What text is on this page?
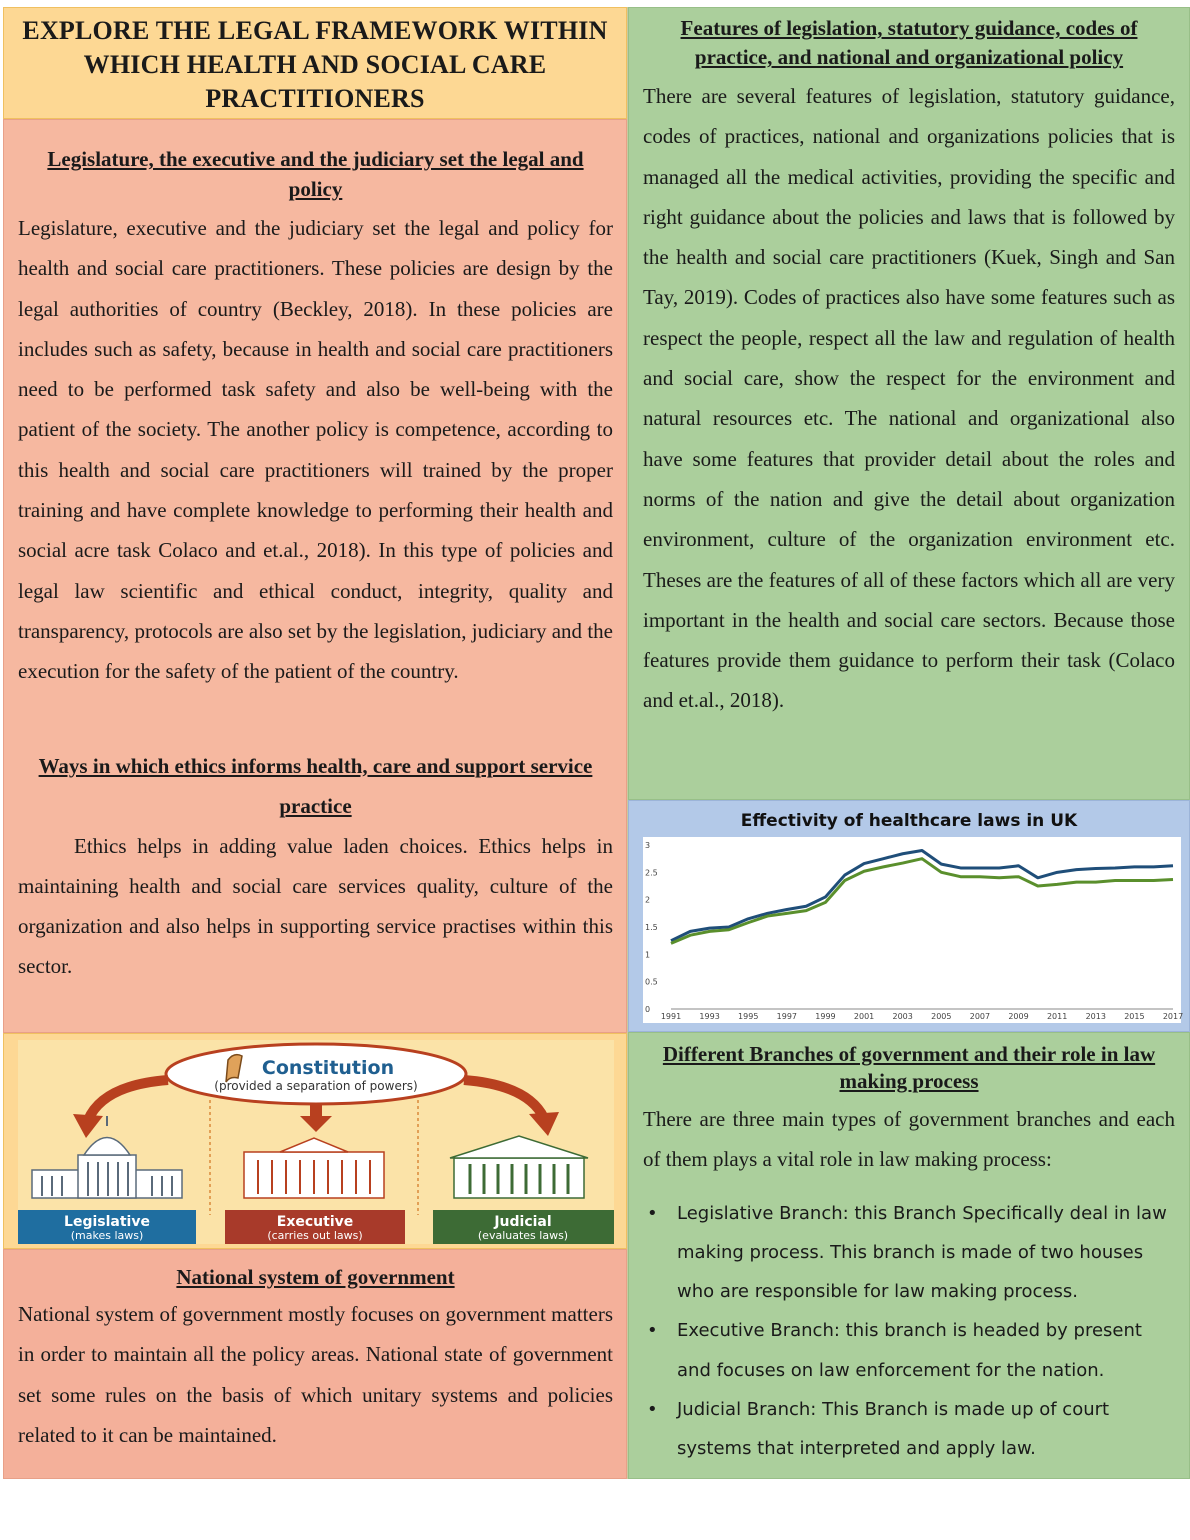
EXPLORE THE LEGAL FRAMEWORK WITHIN WHICH HEALTH AND SOCIAL CARE PRACTITIONERS
Legislature, the executive and the judiciary set the legal and policy

Legislature, executive and the judiciary set the legal and policy for health and social care practitioners. These policies are design by the legal authorities of country (Beckley, 2018). In these policies are includes such as safety, because in health and social care practitioners need to be performed task safety and also be well-being with the patient of the society. The another policy is competence, according to this health and social care practitioners will trained by the proper training and have complete knowledge to performing their health and social acre task Colaco and et.al., 2018). In this type of policies and legal law scientific and ethical conduct, integrity, quality and transparency, protocols are also set by the legislation, judiciary and the execution for the safety of the patient of the country.

Ways in which ethics informs health, care and support service practice

Ethics helps in adding value laden choices. Ethics helps in maintaining health and social care services quality, culture of the organization and also helps in supporting service practises within this sector.

Constitution
(provided a separation of powers)
Legislative
(makes laws)
Executive
(carries out laws)
Judicial
(evaluates laws)
National system of government

National system of government mostly focuses on government matters in order to maintain all the policy areas. National state of government set some rules on the basis of which unitary systems and policies related to it can be maintained.

Features of legislation, statutory guidance, codes of practice, and national and organizational policy

There are several features of legislation, statutory guidance, codes of practices, national and organizations policies that is managed all the medical activities, providing the specific and right guidance about the policies and laws that is followed by the health and social care practitioners (Kuek, Singh and San Tay, 2019). Codes of practices also have some features such as respect the people, respect all the law and regulation of health and social care, show the respect for the environment and natural resources etc. The national and organizational also have some features that provider detail about the roles and norms of the nation and give the detail about organization environment, culture of the organization environment etc. Theses are the features of all of these factors which all are very important in the health and social care sectors. Because those features provide them guidance to perform their task (Colaco and et.al., 2018).

Effectivity of healthcare laws in UK
0
0.5
1
1.5
2
2.5
3
1991 1993 1995 1997 1999 2001 2003 2005 2007 2009 2011 2013 2015 2017
Different Branches of government and their role in law making process

There are three main types of government branches and each of them plays a vital role in law making process:

• Legislative Branch: this Branch Specifically deal in law making process. This branch is made of two houses who are responsible for law making process.
• Executive Branch: this branch is headed by present and focuses on law enforcement for the nation.
• Judicial Branch: This Branch is made up of court systems that interpreted and apply law.
